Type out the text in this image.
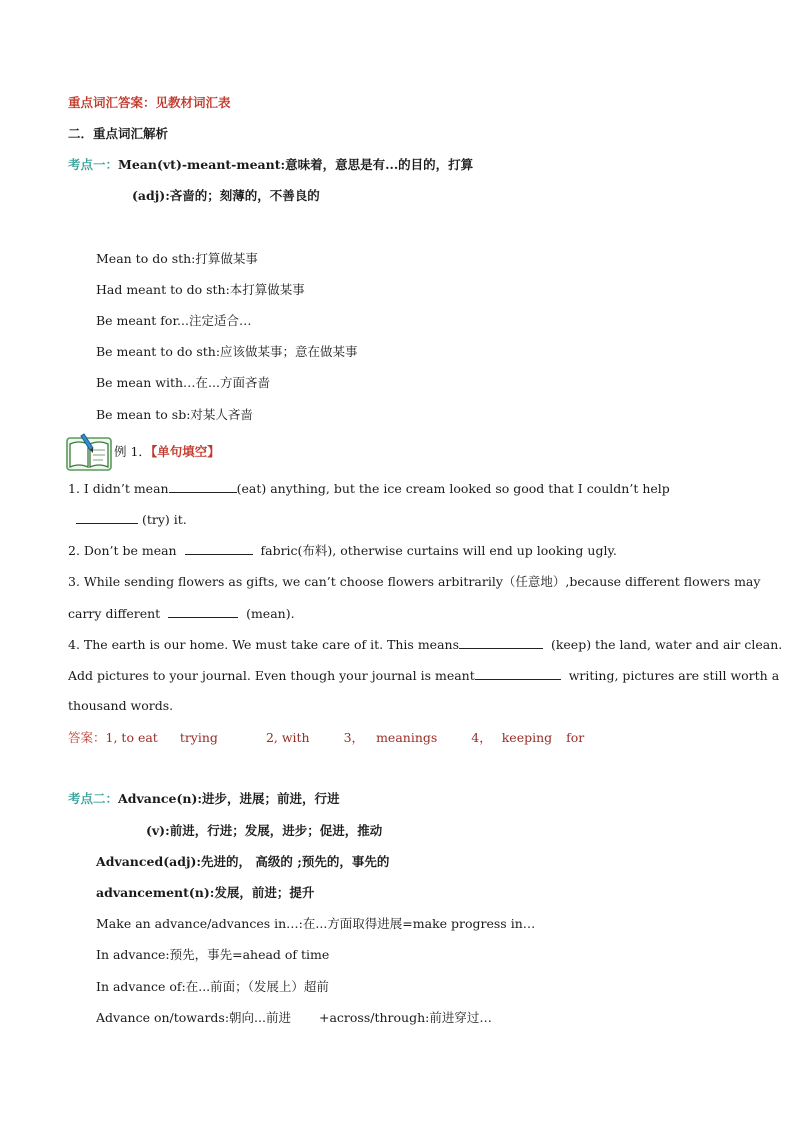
重点词汇答案：见教材词汇表
二．重点词汇解析
考点一：Mean(vt)-meant-meant:意味着，意思是有...的目的，打算
(adj):吝啬的；刻薄的，不善良的
Mean to do sth:打算做某事
Had meant to do sth:本打算做某事
Be meant for...注定适合…
Be meant to do sth:应该做某事；意在做某事
Be mean with…在...方面吝啬
Be mean to sb:对某人吝啬
例 1．【单句填空】
1. I didn’t mean	(eat) anything, but the ice cream looked so good that I couldn’t help
(try) it.
2. Don’t be mean	fabric(布料), otherwise curtains will end up looking ugly.
3. While sending flowers as gifts, we can’t choose flowers arbitrarily（任意地）,because different flowers may
carry different	(mean).
4. The earth is our home. We must take care of it. This means	(keep) the land, water and air clean.
Add pictures to your journal. Even though your journal is meant	writing, pictures are still worth a
thousand words.
答案：1, to eat trying	2, with	3， meanings	4， keeping for
考点二：Advance(n):进步，进展；前进，行进
(v):前进，行进；发展，进步；促进，推动
Advanced(adj):先进的， 高级的 ;预先的，事先的
advancement(n):发展，前进；提升
Make an advance/advances in…:在...方面取得进展=make progress in…
In advance:预先，事先=ahead of time
In advance of:在...前面；（发展上）超前
Advance on/towards:朝向...前进 +across/through:前进穿过…
